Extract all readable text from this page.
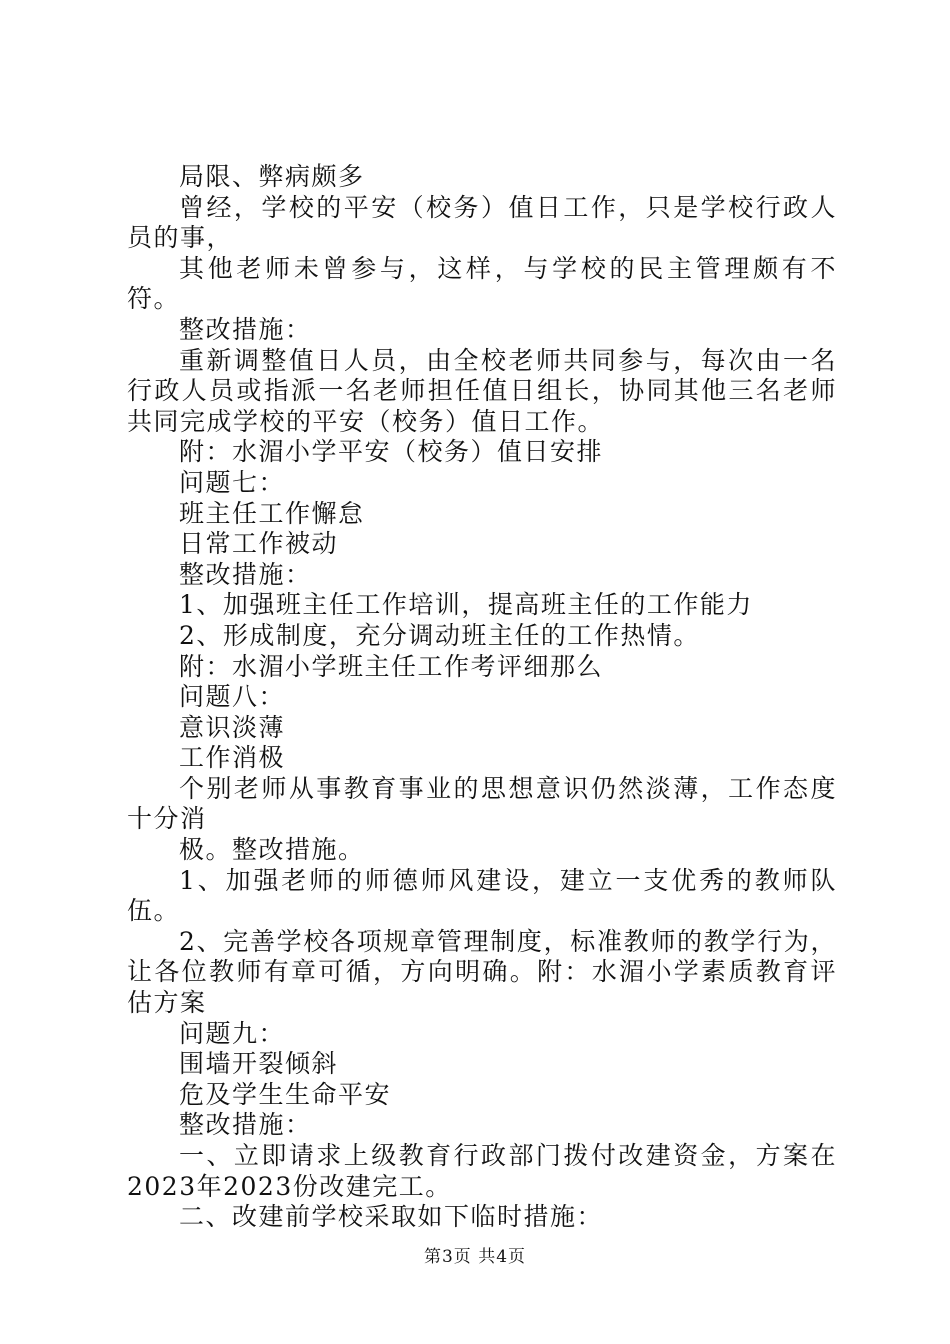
局限、弊病颇多

曾经，学校的平安（校务）值日工作，只是学校行政人员的事，

其他老师未曾参与，这样，与学校的民主管理颇有不符。

整改措施：

重新调整值日人员，由全校老师共同参与，每次由一名行政人员或指派一名老师担任值日组长，协同其他三名老师共同完成学校的平安（校务）值日工作。

附：水湄小学平安（校务）值日安排

问题七：

班主任工作懈怠

日常工作被动

整改措施：

1、加强班主任工作培训，提高班主任的工作能力

2、形成制度，充分调动班主任的工作热情。

附：水湄小学班主任工作考评细那么

问题八：

意识淡薄

工作消极

个别老师从事教育事业的思想意识仍然淡薄，工作态度十分消

极。整改措施。

1、加强老师的师德师风建设，建立一支优秀的教师队伍。

2、完善学校各项规章管理制度，标准教师的教学行为，让各位教师有章可循，方向明确。附：水湄小学素质教育评估方案

问题九：

围墙开裂倾斜

危及学生生命平安

整改措施：

一、立即请求上级教育行政部门拨付改建资金，方案在2023年2023份改建完工。

二、改建前学校采取如下临时措施：

第3页 共4页
